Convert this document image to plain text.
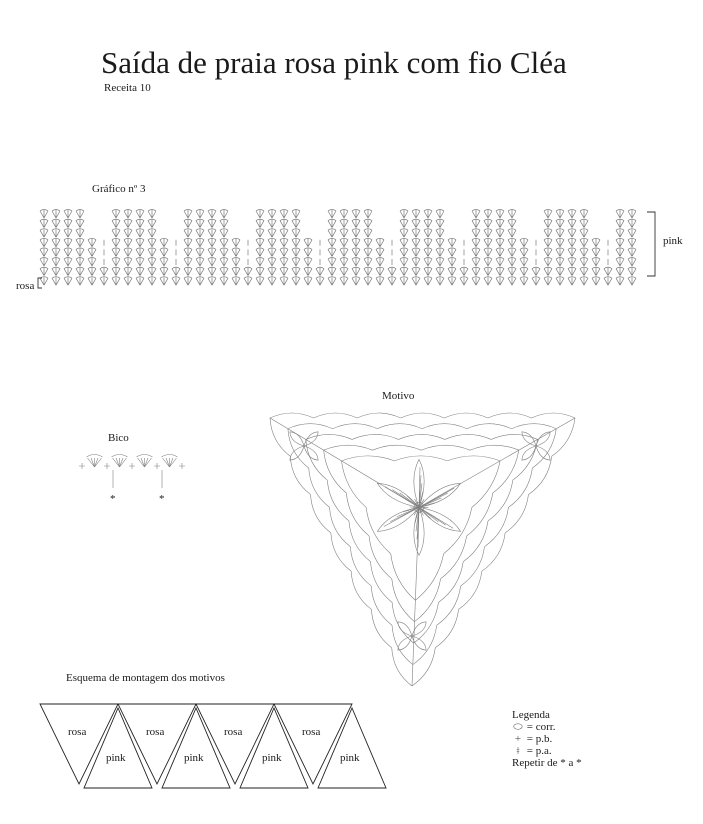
Saída de praia rosa pink com fio Cléa
Receita 10
Gráfico nº 3
pink
rosa
Motivo
Bico
Esquema de montagem dos motivos
*	*
rosa	rosa	rosa	rosa
pink	pink	pink	pink
Legenda
⬭ = corr.
+ = p.b.
ǂ = p.a.
Repetir de * a *
